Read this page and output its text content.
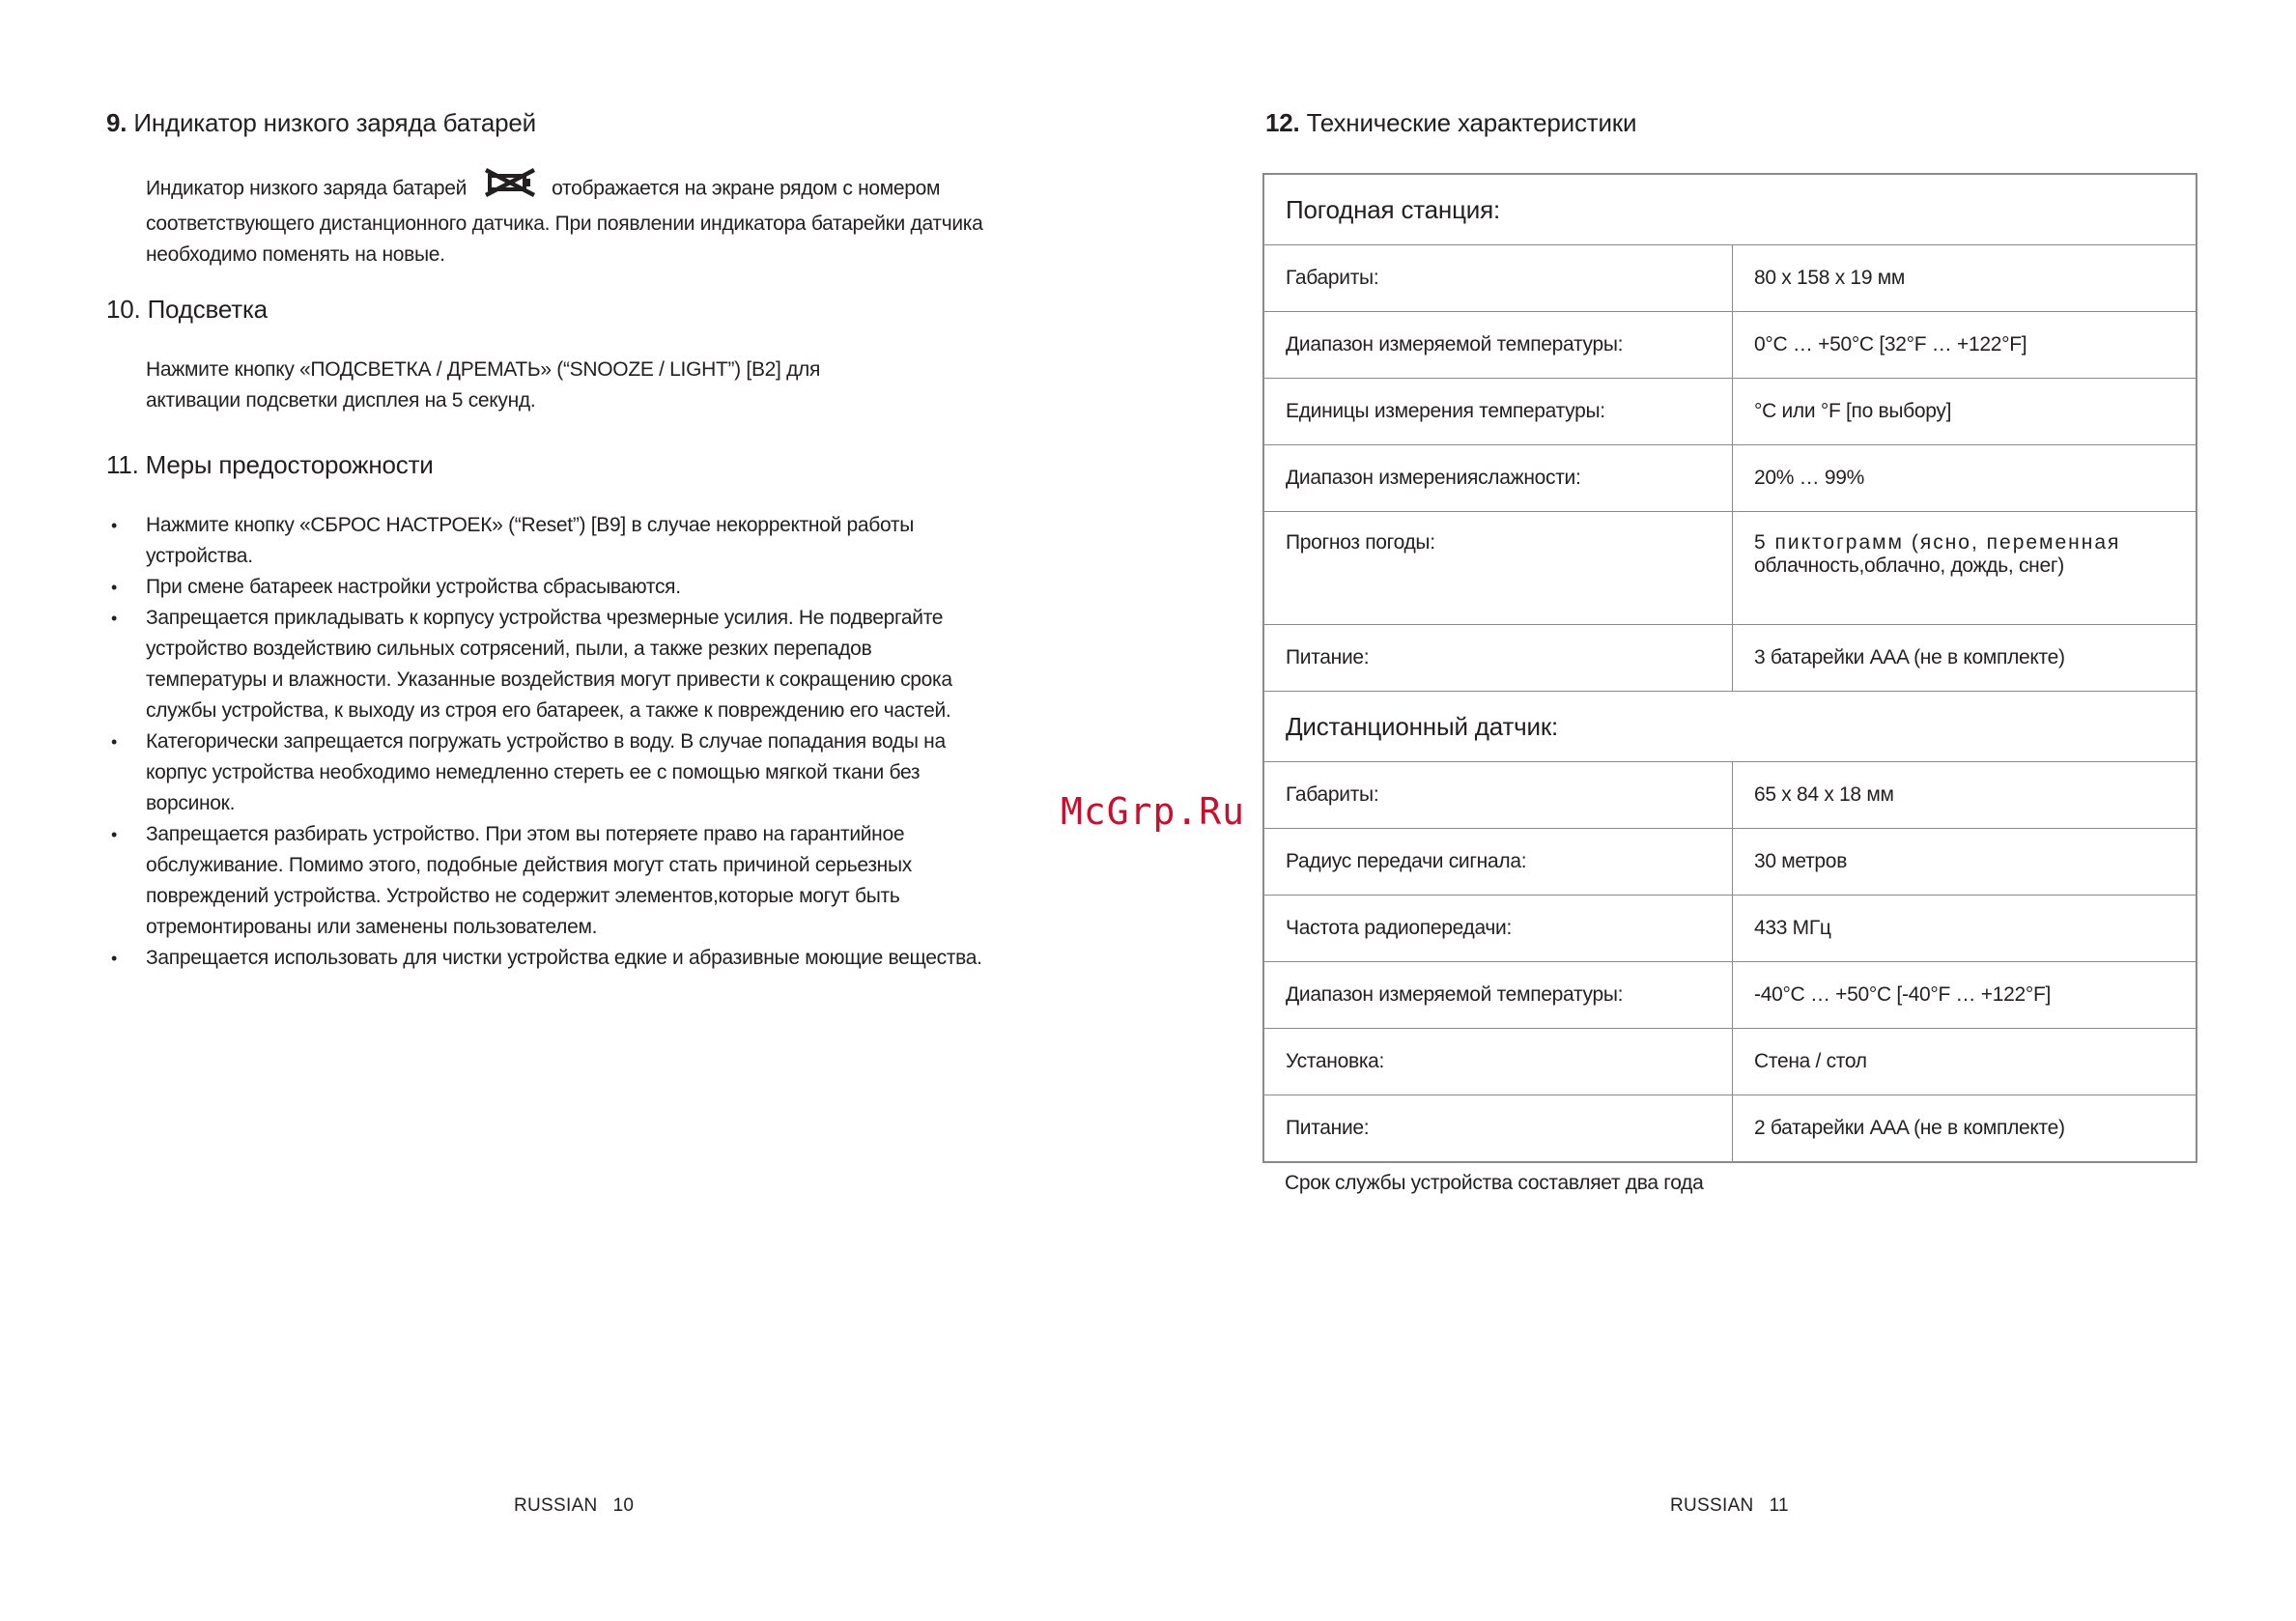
9. Индикатор низкого заряда батарей

Индикатор низкого заряда батарей	отображается на экране рядом с номером соответствующего дистанционного датчика. При появлении индикатора батарейки датчика необходимо поменять на новые.

10. Подсветка

Нажмите кнопку «ПОДСВЕТКА / ДРЕМАТЬ» (“SNOOZE / LIGHT”) [B2] для активации подсветки дисплея на 5 секунд.

11. Меры предосторожности
• Нажмите кнопку «СБРОС НАСТРОЕК» (“Reset”) [B9] в случае некорректной работы устройства.
• При смене батареек настройки устройства сбрасываются.
• Запрещается прикладывать к корпусу устройства чрезмерные усилия. Не подвергайте устройство воздействию сильных сотрясений, пыли, а также резких перепадов температуры и влажности. Указанные воздействия могут привести к сокращению срока службы устройства, к выходу из строя его батареек, а также к повреждению его частей.
• Категорически запрещается погружать устройство в воду. В случае попадания воды на корпус устройства необходимо немедленно стереть ее с помощью мягкой ткани без ворсинок.
• Запрещается разбирать устройство. При этом вы потеряете право на гарантийное обслуживание. Помимо этого, подобные действия могут стать причиной серьезных повреждений устройства. Устройство не содержит элементов,которые могут быть отремонтированы или заменены пользователем.
• Запрещается использовать для чистки устройства едкие и абразивные моющие вещества.
RUSSIAN 10
12. Технические характеристики
Погодная станция:	
Габариты:	80 х 158 х 19 мм
Диапазон измеряемой температуры:	0°C … +50°C [32°F … +122°F]
Единицы измерения температуры:	°C или °F [по выбору]
Диапазон измеренияслажности:	20% … 99%
Прогноз погоды:	5 пиктограмм (ясно, переменная
облачность,облачно, дождь, снег)
Питание:	3 батарейки AAA (не в комплекте)
Дистанционный датчик:	
Габариты:	65 х 84 х 18 мм
Радиус передачи сигнала:	30 метров
Частота радиопередачи:	433 МГц
Диапазон измеряемой температуры:	-40°C … +50°C [-40°F … +122°F]
Установка:	Стена / стол
Питание:	2 батарейки AAA (не в комплекте)

Срок службы устройства составляет два года

RUSSIAN 11
McGrp.Ru
